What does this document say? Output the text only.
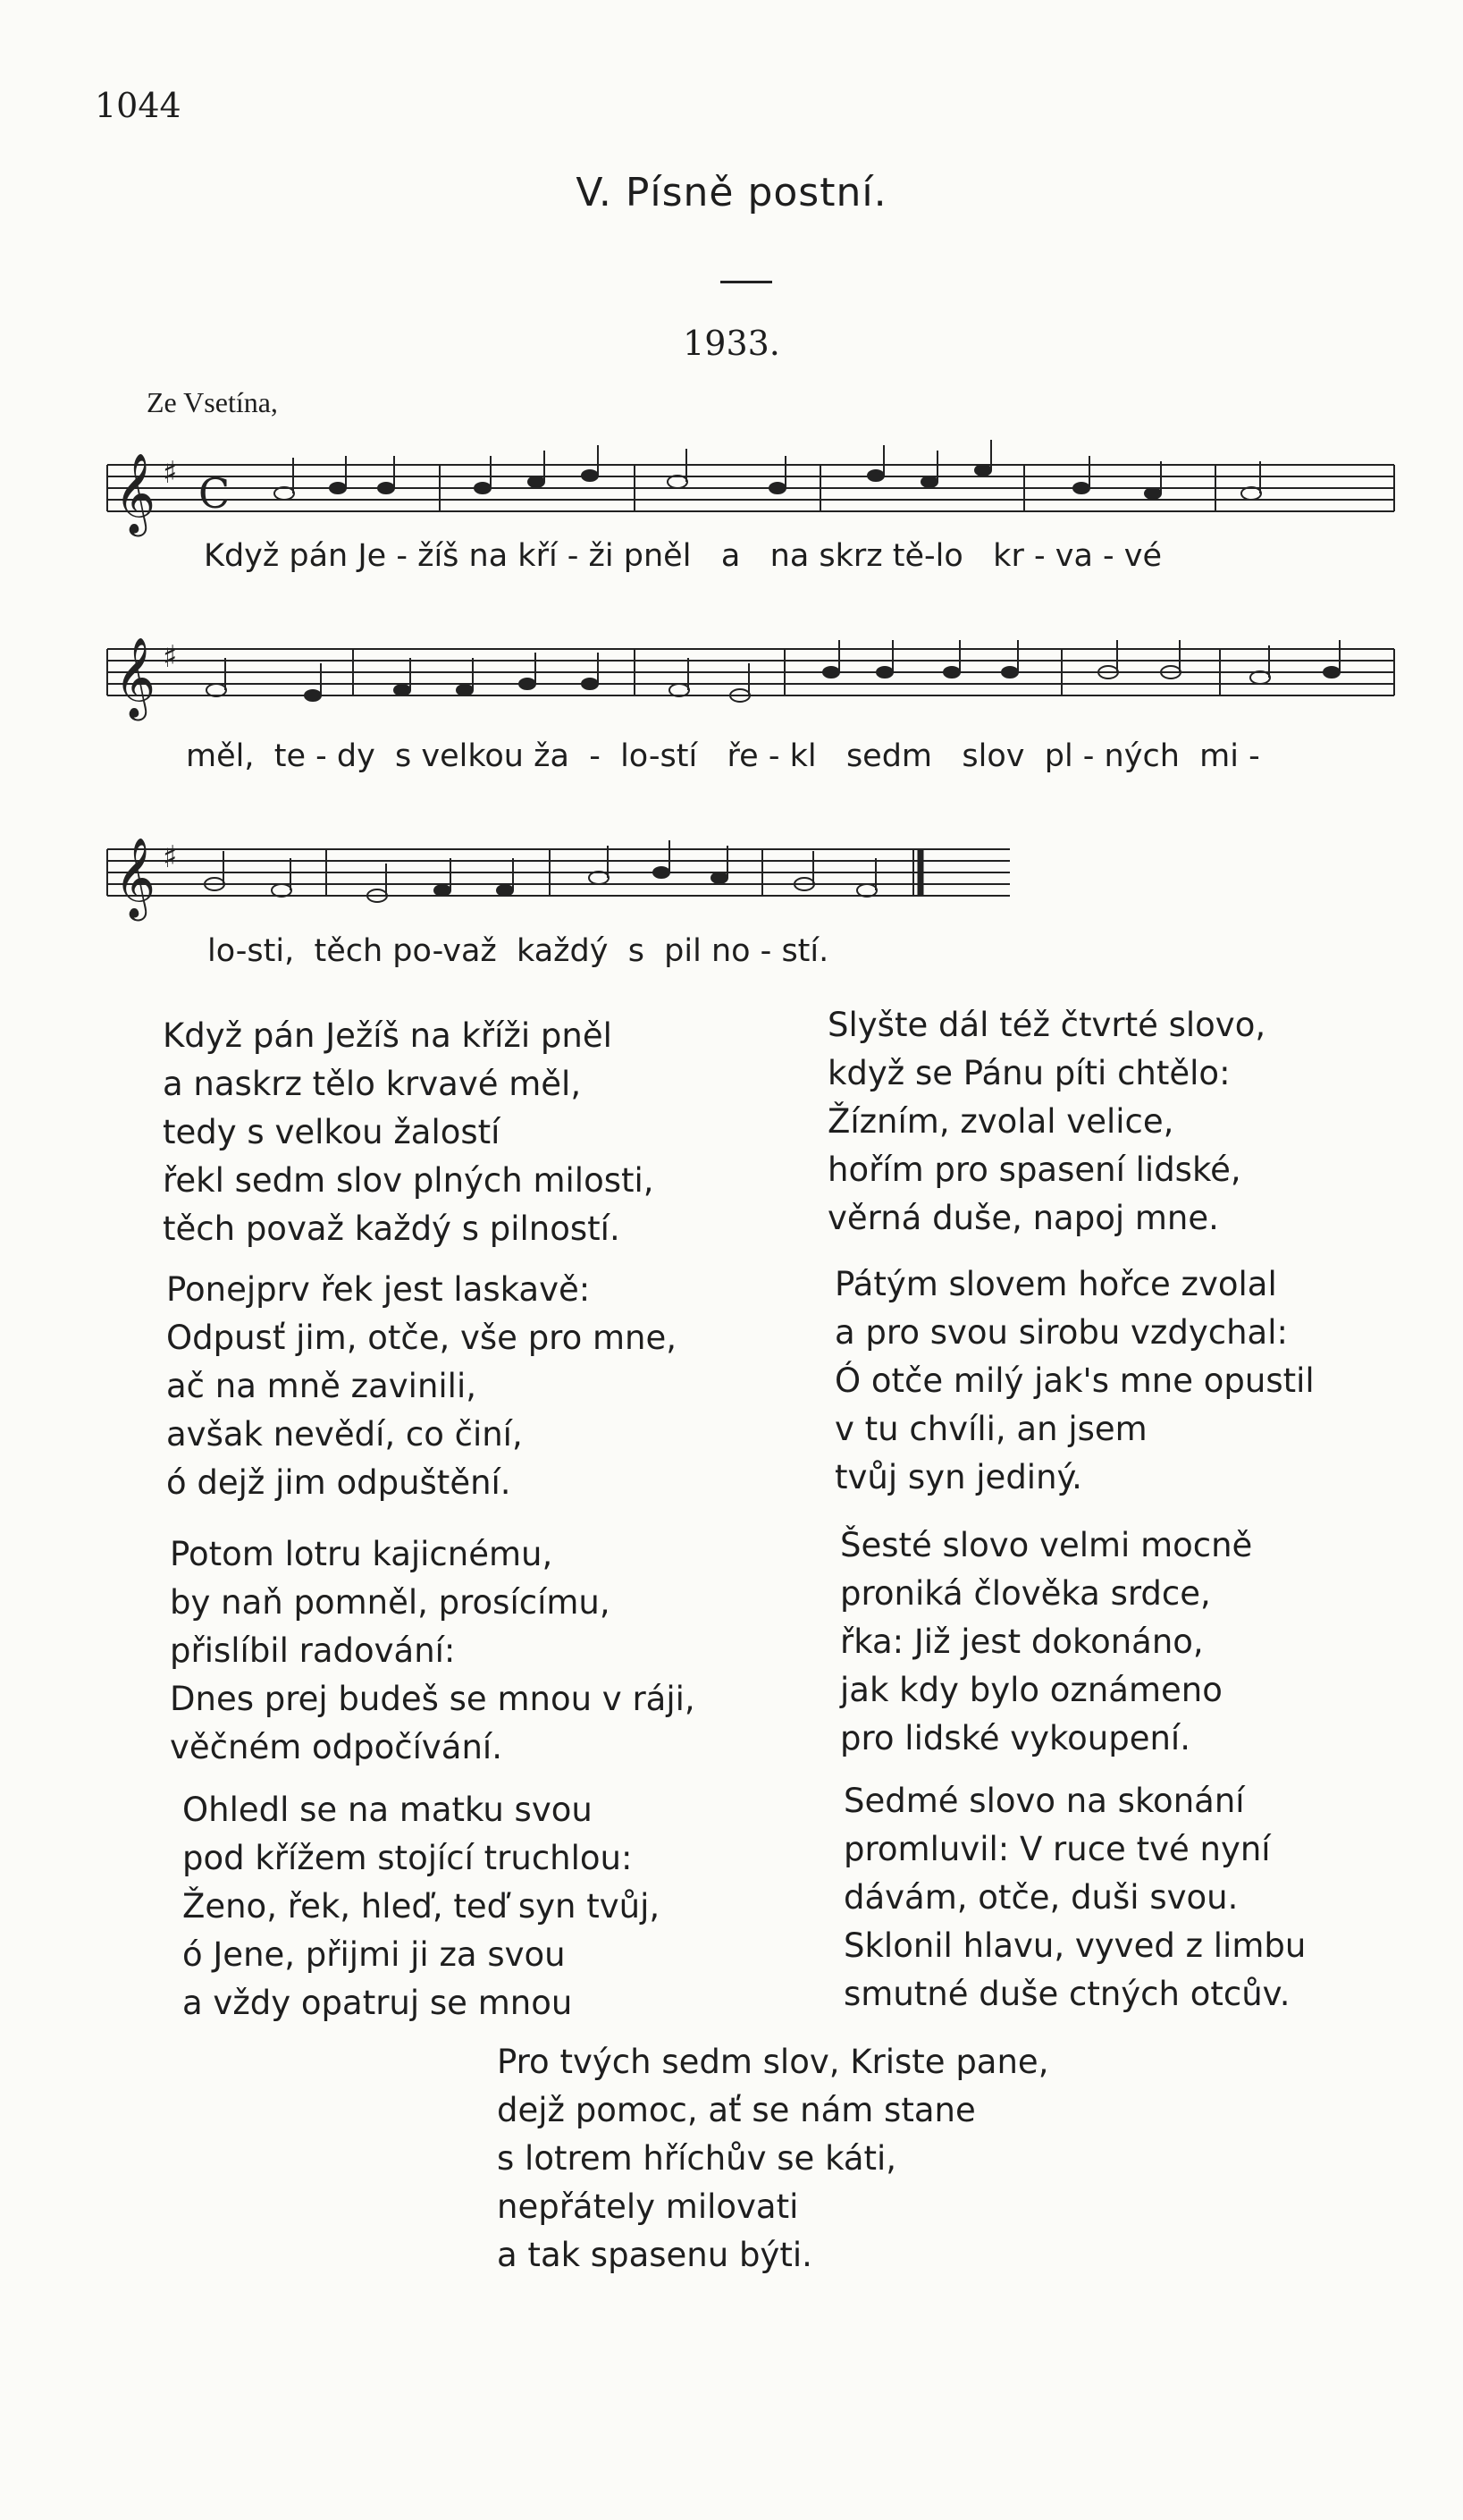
1044
V. Písně postní.
1933.
Ze Vsetína,
𝄞 ♯ C
Když pán Je - žíš na kří - ži pněl   a   na skrz tě-lo   kr - va - vé
𝄞 ♯
měl,  te - dy  s velkou ža  -  lo-stí   ře - kl   sedm   slov  pl - ných  mi -
𝄞 ♯
lo-sti,  těch po-važ  každý  s  pil no - stí.
Když pán Ježíš na kříži pněl
a naskrz tělo krvavé měl,
tedy s velkou žalostí
řekl sedm slov plných milosti,
těch považ každý s pilností.
Ponejprv řek jest laskavě:
Odpusť jim, otče, vše pro mne,
ač na mně zavinili,
avšak nevědí, co činí,
ó dejž jim odpuštění.
Potom lotru kajicnému,
by naň pomněl, prosícímu,
přislíbil radování:
Dnes prej budeš se mnou v ráji,
věčném odpočívání.
Ohledl se na matku svou
pod křížem stojící truchlou:
Ženo, řek, hleď, teď syn tvůj,
ó Jene, přijmi ji za svou
a vždy opatruj se mnou
Slyšte dál též čtvrté slovo,
když se Pánu píti chtělo:
Žízním, zvolal velice,
hořím pro spasení lidské,
věrná duše, napoj mne.
Pátým slovem hořce zvolal
a pro svou sirobu vzdychal:
Ó otče milý jak's mne opustil
v tu chvíli, an jsem
tvůj syn jediný.
Šesté slovo velmi mocně
proniká člověka srdce,
řka: Již jest dokonáno,
jak kdy bylo oznámeno
pro lidské vykoupení.
Sedmé slovo na skonání
promluvil: V ruce tvé nyní
dávám, otče, duši svou.
Sklonil hlavu, vyved z limbu
smutné duše ctných otcův.
Pro tvých sedm slov, Kriste pane,
dejž pomoc, ať se nám stane
s lotrem hříchův se káti,
nepřátely milovati
a tak spasenu býti.
